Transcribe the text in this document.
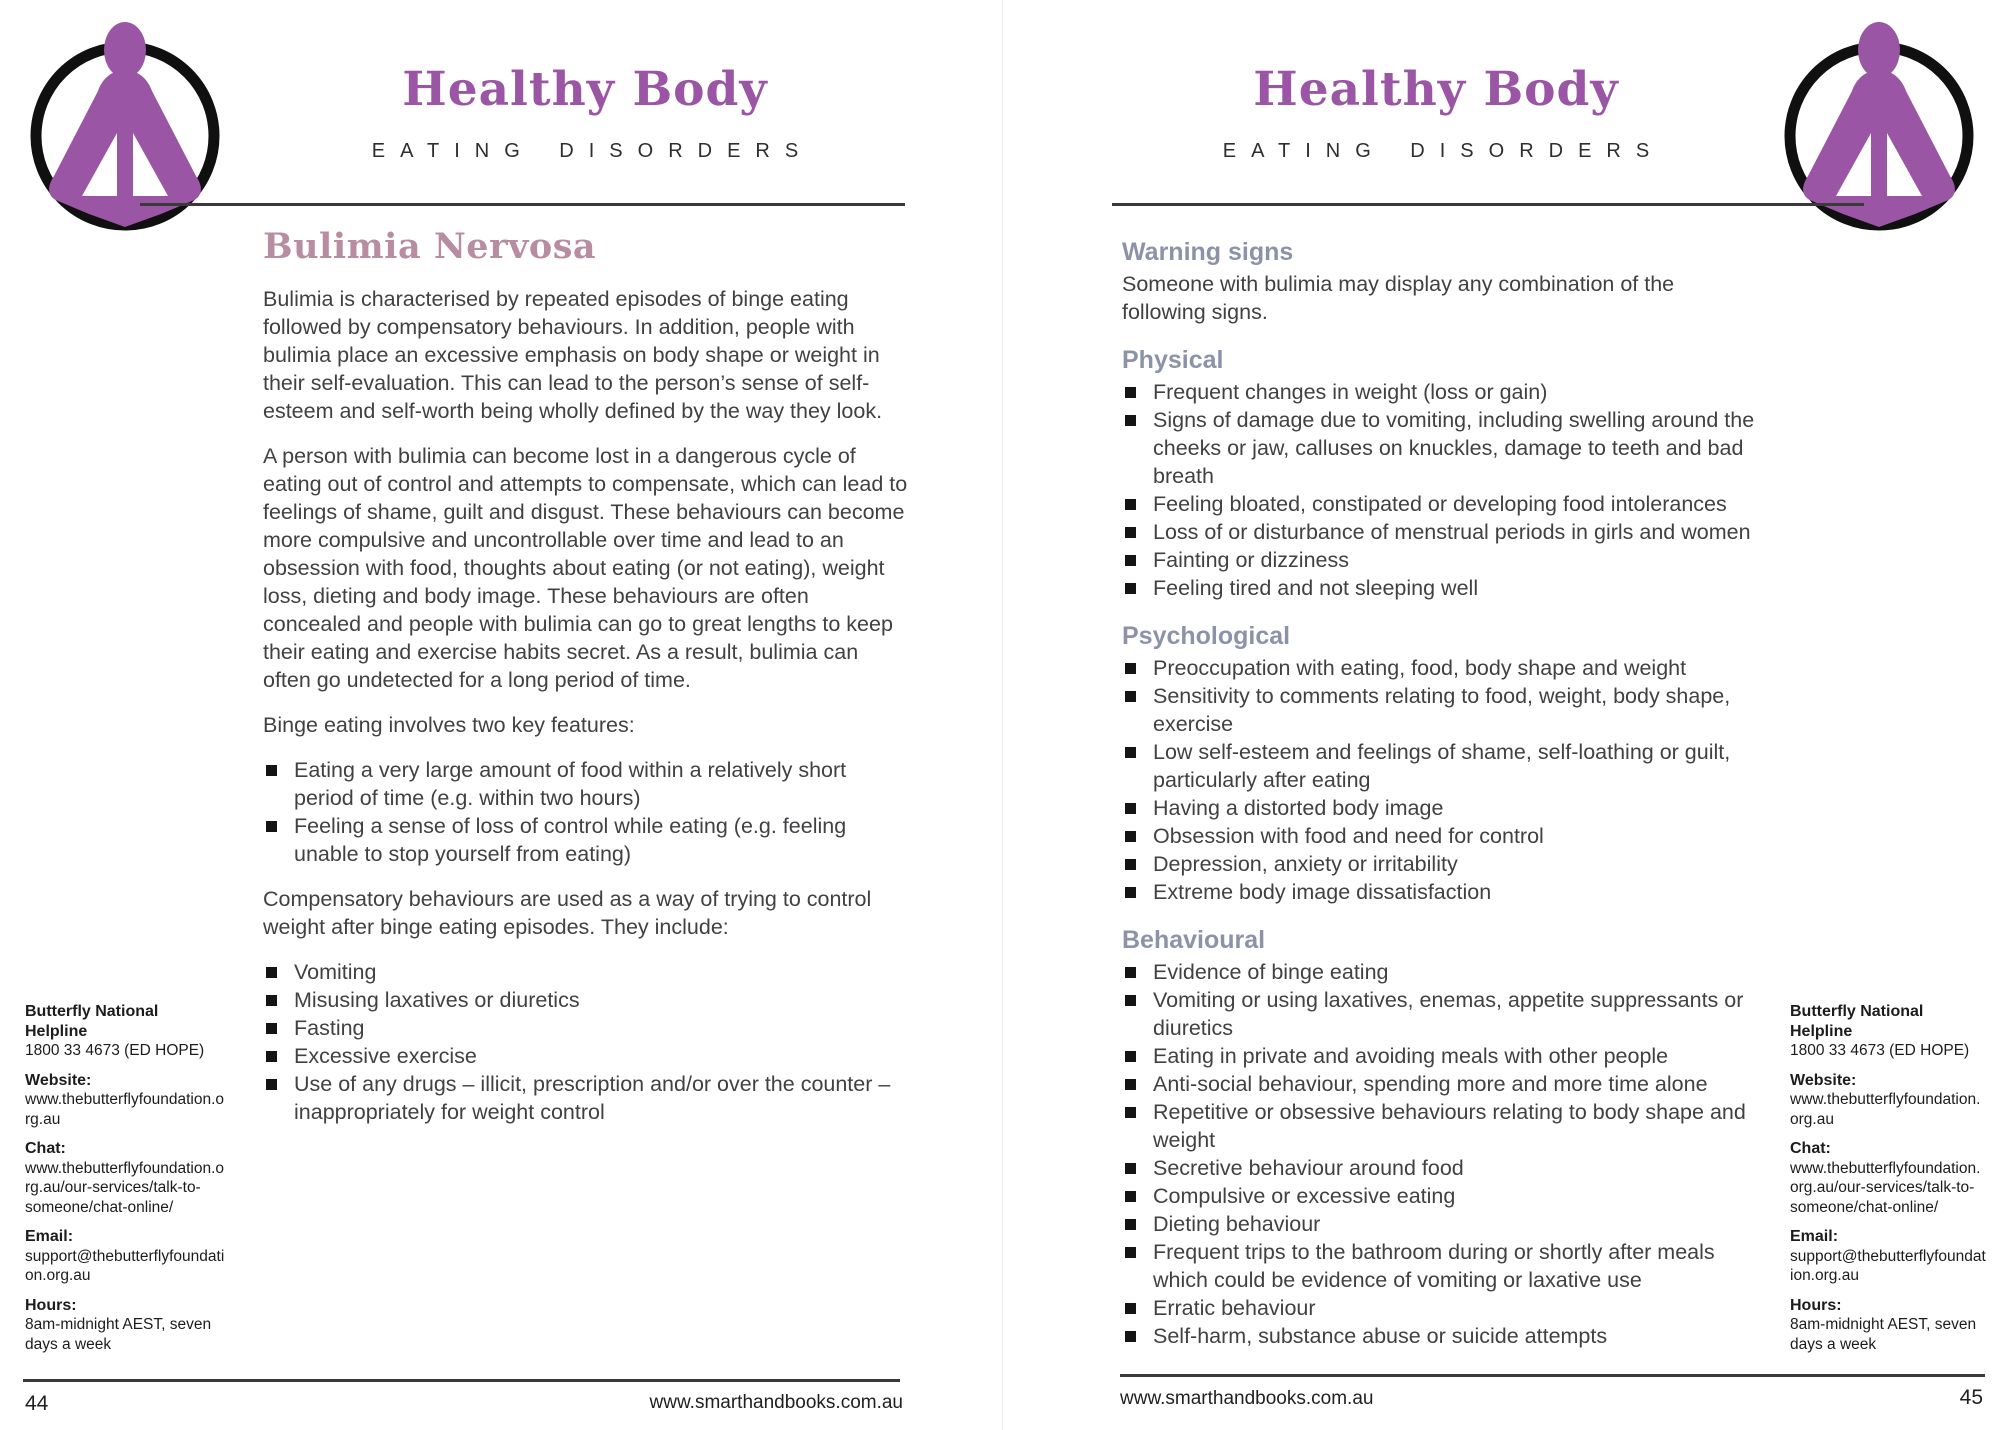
Healthy Body
EATING DISORDERS
Bulimia Nervosa

Bulimia is characterised by repeated episodes of binge eating followed by compensatory behaviours. In addition, people with bulimia place an excessive emphasis on body shape or weight in their self-evaluation. This can lead to the person’s sense of self-esteem and self-worth being wholly defined by the way they look.

A person with bulimia can become lost in a dangerous cycle of eating out of control and attempts to compensate, which can lead to feelings of shame, guilt and disgust. These behaviours can become more compulsive and uncontrollable over time and lead to an obsession with food, thoughts about eating (or not eating), weight loss, dieting and body image. These behaviours are often concealed and people with bulimia can go to great lengths to keep their eating and exercise habits secret. As a result, bulimia can often go undetected for a long period of time.

Binge eating involves two key features:

Eating a very large amount of food within a relatively short period of time (e.g. within two hours)
Feeling a sense of loss of control while eating (e.g. feeling unable to stop yourself from eating)

Compensatory behaviours are used as a way of trying to control weight after binge eating episodes. They include:

Vomiting
Misusing laxatives or diuretics
Fasting
Excessive exercise
Use of any drugs – illicit, prescription and/or over the counter – inappropriately for weight control
Butterfly National Helpline
1800 33 4673 (ED HOPE)
Website:
www.thebutterflyfoundation.org.au
Chat:
www.thebutterflyfoundation.org.au/our-services/talk-to-someone/chat-online/
Email:
support@thebutterflyfoundation.org.au
Hours:
8am-midnight AEST, seven days a week
44	www.smarthandbooks.com.au
Healthy Body
EATING DISORDERS
Warning signs

Someone with bulimia may display any combination of the following signs.

Physical
Frequent changes in weight (loss or gain)
Signs of damage due to vomiting, including swelling around the cheeks or jaw, calluses on knuckles, damage to teeth and bad breath
Feeling bloated, constipated or developing food intolerances
Loss of or disturbance of menstrual periods in girls and women
Fainting or dizziness
Feeling tired and not sleeping well
Psychological
Preoccupation with eating, food, body shape and weight
Sensitivity to comments relating to food, weight, body shape, exercise
Low self-esteem and feelings of shame, self-loathing or guilt, particularly after eating
Having a distorted body image
Obsession with food and need for control
Depression, anxiety or irritability
Extreme body image dissatisfaction
Behavioural
Evidence of binge eating
Vomiting or using laxatives, enemas, appetite suppressants or diuretics
Eating in private and avoiding meals with other people
Anti-social behaviour, spending more and more time alone
Repetitive or obsessive behaviours relating to body shape and weight
Secretive behaviour around food
Compulsive or excessive eating
Dieting behaviour
Frequent trips to the bathroom during or shortly after meals which could be evidence of vomiting or laxative use
Erratic behaviour
Self-harm, substance abuse or suicide attempts
Butterfly National Helpline
1800 33 4673 (ED HOPE)
Website:
www.thebutterflyfoundation.org.au
Chat:
www.thebutterflyfoundation.org.au/our-services/talk-to-someone/chat-online/
Email:
support@thebutterflyfoundation.org.au
Hours:
8am-midnight AEST, seven days a week
www.smarthandbooks.com.au	45
